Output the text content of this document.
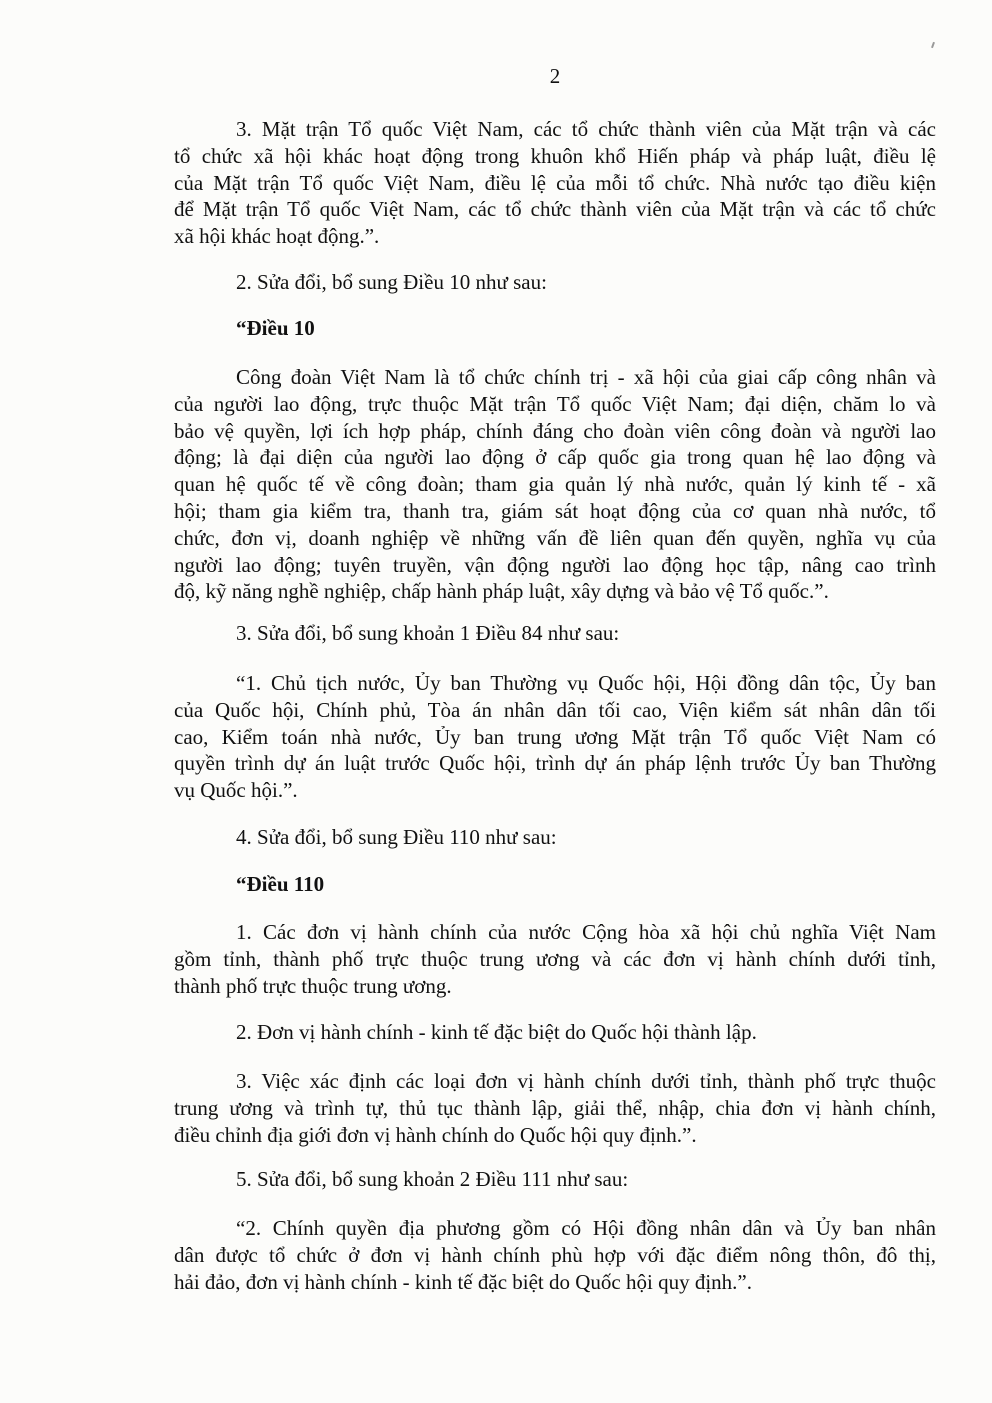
2
3. Mặt trận Tổ quốc Việt Nam, các tổ chức thành viên của Mặt trận và các
tổ chức xã hội khác hoạt động trong khuôn khổ Hiến pháp và pháp luật, điều lệ
của Mặt trận Tổ quốc Việt Nam, điều lệ của mỗi tổ chức. Nhà nước tạo điều kiện
để Mặt trận Tổ quốc Việt Nam, các tổ chức thành viên của Mặt trận và các tổ chức
xã hội khác hoạt động.”.

2. Sửa đổi, bổ sung Điều 10 như sau:

“Điều 10

Công đoàn Việt Nam là tổ chức chính trị - xã hội của giai cấp công nhân và
của người lao động, trực thuộc Mặt trận Tổ quốc Việt Nam; đại diện, chăm lo và
bảo vệ quyền, lợi ích hợp pháp, chính đáng cho đoàn viên công đoàn và người lao
động; là đại diện của người lao động ở cấp quốc gia trong quan hệ lao động và
quan hệ quốc tế về công đoàn; tham gia quản lý nhà nước, quản lý kinh tế - xã
hội; tham gia kiểm tra, thanh tra, giám sát hoạt động của cơ quan nhà nước, tổ
chức, đơn vị, doanh nghiệp về những vấn đề liên quan đến quyền, nghĩa vụ của
người lao động; tuyên truyền, vận động người lao động học tập, nâng cao trình
độ, kỹ năng nghề nghiệp, chấp hành pháp luật, xây dựng và bảo vệ Tổ quốc.”.

3. Sửa đổi, bổ sung khoản 1 Điều 84 như sau:

“1. Chủ tịch nước, Ủy ban Thường vụ Quốc hội, Hội đồng dân tộc, Ủy ban
của Quốc hội, Chính phủ, Tòa án nhân dân tối cao, Viện kiểm sát nhân dân tối
cao, Kiểm toán nhà nước, Ủy ban trung ương Mặt trận Tổ quốc Việt Nam có
quyền trình dự án luật trước Quốc hội, trình dự án pháp lệnh trước Ủy ban Thường
vụ Quốc hội.”.

4. Sửa đổi, bổ sung Điều 110 như sau:

“Điều 110

1. Các đơn vị hành chính của nước Cộng hòa xã hội chủ nghĩa Việt Nam
gồm tỉnh, thành phố trực thuộc trung ương và các đơn vị hành chính dưới tỉnh,
thành phố trực thuộc trung ương.

2. Đơn vị hành chính - kinh tế đặc biệt do Quốc hội thành lập.

3. Việc xác định các loại đơn vị hành chính dưới tỉnh, thành phố trực thuộc
trung ương và trình tự, thủ tục thành lập, giải thể, nhập, chia đơn vị hành chính,
điều chỉnh địa giới đơn vị hành chính do Quốc hội quy định.”.

5. Sửa đổi, bổ sung khoản 2 Điều 111 như sau:

“2. Chính quyền địa phương gồm có Hội đồng nhân dân và Ủy ban nhân
dân được tổ chức ở đơn vị hành chính phù hợp với đặc điểm nông thôn, đô thị,
hải đảo, đơn vị hành chính - kinh tế đặc biệt do Quốc hội quy định.”.
